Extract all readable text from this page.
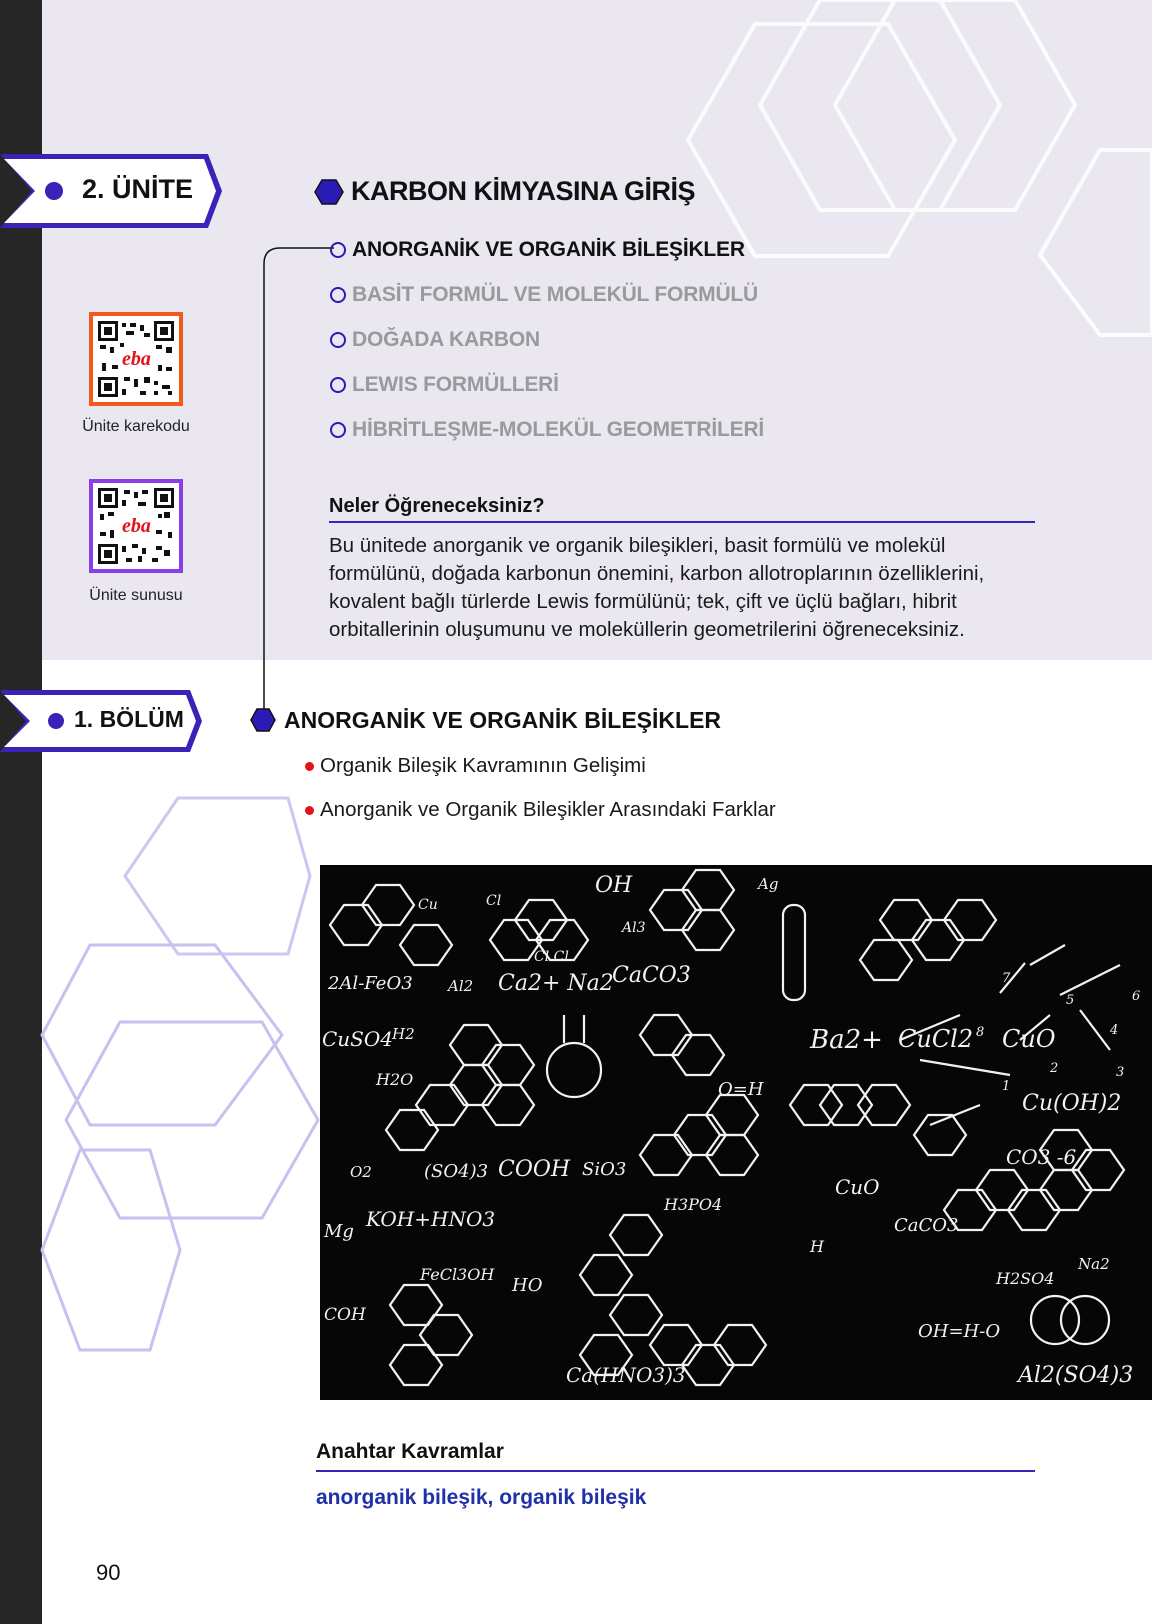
2. ÜNİTE	KARBON KİMYASINA GİRİŞ
ANORGANİK VE ORGANİK BİLEŞİKLER
BASİT FORMÜL VE MOLEKÜL FORMÜLÜ
DOĞADA KARBON
LEWIS FORMÜLLERİ
HİBRİTLEŞME-MOLEKÜL GEOMETRİLERİ
eba
Ünite karekodu
eba
Ünite sunusu
Neler Öğreneceksiniz?
Bu ünitede anorganik ve organik bileşikleri, basit formülü ve molekül
formülünü, doğada karbonun önemini, karbon allotroplarının özelliklerini,
kovalent bağlı türlerde Lewis formülünü; tek, çift ve üçlü bağları, hibrit
orbitallerinin oluşumunu ve moleküllerin geometrilerini öğreneceksiniz.
1. BÖLÜM	ANORGANİK VE ORGANİK BİLEŞİKLER
Organik Bileşik Kavramının Gelişimi
Anorganik ve Organik Bileşikler Arasındaki Farklar
OH
Cu	Cl
Ag
Al3
Cl Cl
2Al-FeO3 Al2 Ca2+ Na2
CaCO3
CuSO4
H2
H2O
Ba2+ CuCl2 CuO
Cu(OH)2
CO3 -6
O=H
O2	(SO4)3 COOH SiO3
H3PO4
CuO
KOH+HNO3
Mg
FeCl3OH
HO
COH
CaCO3
H2SO4
Na2
Ca(HNO3)3	Al2(SO4)3
H
OH=H-O
8
7
5	6
4
2	3
1
Anahtar Kavramlar
anorganik bileşik, organik bileşik
90
